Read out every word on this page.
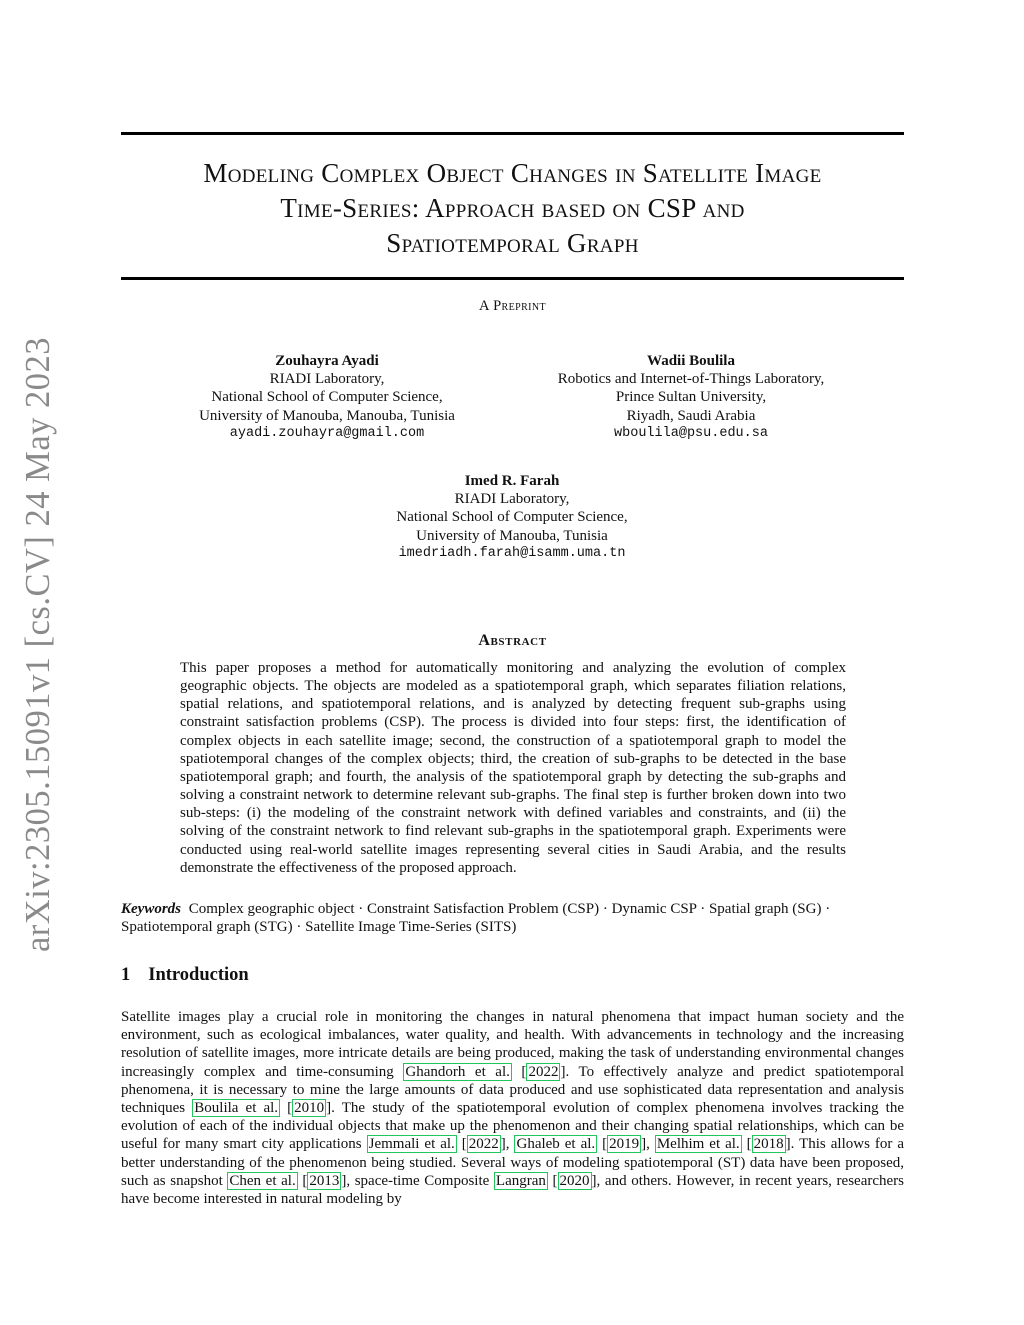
arXiv:2305.15091v1 [cs.CV] 24 May 2023
Modeling Complex Object Changes in Satellite Image
Time-Series: Approach based on CSP and
Spatiotemporal Graph
A Preprint
Zouhayra Ayadi
RIADI Laboratory,
National School of Computer Science,
University of Manouba, Manouba, Tunisia
ayadi.zouhayra@gmail.com
Wadii Boulila
Robotics and Internet-of-Things Laboratory,
Prince Sultan University,
Riyadh, Saudi Arabia
wboulila@psu.edu.sa
Imed R. Farah
RIADI Laboratory,
National School of Computer Science,
University of Manouba, Tunisia
imedriadh.farah@isamm.uma.tn
Abstract
This paper proposes a method for automatically monitoring and analyzing the evolution of complex geographic objects. The objects are modeled as a spatiotemporal graph, which separates filiation relations, spatial relations, and spatiotemporal relations, and is analyzed by detecting frequent sub-graphs using constraint satisfaction problems (CSP). The process is divided into four steps: first, the identification of complex objects in each satellite image; second, the construction of a spatiotemporal graph to model the spatiotemporal changes of the complex objects; third, the creation of sub-graphs to be detected in the base spatiotemporal graph; and fourth, the analysis of the spatiotemporal graph by detecting the sub-graphs and solving a constraint network to determine relevant sub-graphs. The final step is further broken down into two sub-steps: (i) the modeling of the constraint network with defined variables and constraints, and (ii) the solving of the constraint network to find relevant sub-graphs in the spatiotemporal graph. Experiments were conducted using real-world satellite images representing several cities in Saudi Arabia, and the results demonstrate the effectiveness of the proposed approach.
Keywords Complex geographic object · Constraint Satisfaction Problem (CSP) · Dynamic CSP · Spatial graph (SG) · Spatiotemporal graph (STG) · Satellite Image Time-Series (SITS)
1 Introduction
Satellite images play a crucial role in monitoring the changes in natural phenomena that impact human society and the environment, such as ecological imbalances, water quality, and health. With advancements in technology and the increasing resolution of satellite images, more intricate details are being produced, making the task of understanding environmental changes increasingly complex and time-consuming Ghandorh et al. [ 2022 ]. To effectively analyze and predict spatiotemporal phenomena, it is necessary to mine the large amounts of data produced and use sophisticated data representation and analysis techniques Boulila et al. [ 2010 ]. The study of the spatiotemporal evolution of complex phenomena involves tracking the evolution of each of the individual objects that make up the phenomenon and their changing spatial relationships, which can be useful for many smart city applications Jemmali et al. [ 2022 ], Ghaleb et al. [ 2019 ], Melhim et al. [ 2018 ]. This allows for a better understanding of the phenomenon being studied. Several ways of modeling spatiotemporal (ST) data have been proposed, such as snapshot Chen et al. [ 2013 ], space-time Composite Langran [ 2020 ], and others. However, in recent years, researchers have become interested in natural modeling by
